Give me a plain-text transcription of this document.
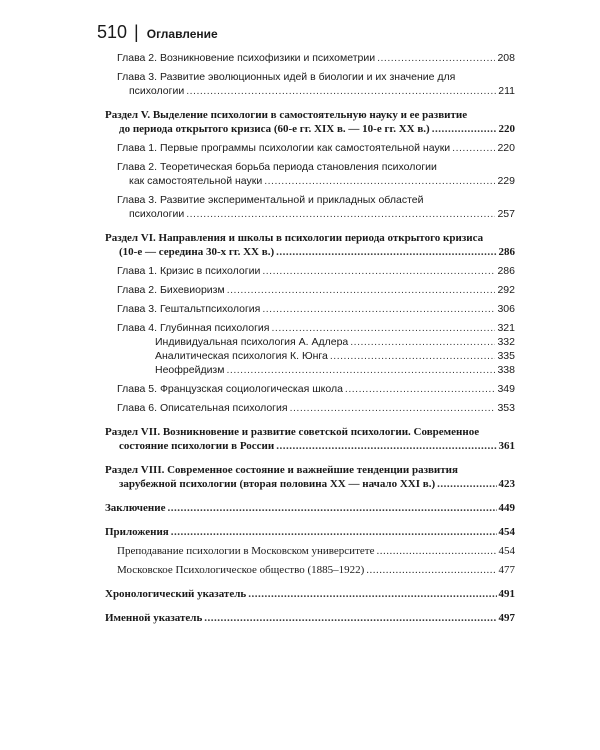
510 | Оглавление
Глава 2. Возникновение психофизики и психометрии .....	208
Глава 3. Развитие эволюционных идей в биологии и их значение для
психологии .....	211
Раздел V. Выделение психологии в самостоятельную науку и ее развитие
до периода открытого кризиса (60-е гг. XIX в. — 10-е гг. XX в.) .....	220
Глава 1. Первые программы психологии как самостоятельной науки .....	220
Глава 2. Теоретическая борьба периода становления психологии
как самостоятельной науки .....	229
Глава 3. Развитие экспериментальной и прикладных областей
психологии .....	257
Раздел VI. Направления и школы в психологии периода открытого кризиса
(10-е — середина 30-х гг. XX в.) .....	286
Глава 1. Кризис в психологии .....	286
Глава 2. Бихевиоризм .....	292
Глава 3. Гештальтпсихология .....	306
Глава 4. Глубинная психология .....	321
Индивидуальная психология А. Адлера .....	332
Аналитическая психология К. Юнга .....	335
Неофрейдизм .....	338
Глава 5. Французская социологическая школа .....	349
Глава 6. Описательная психология .....	353
Раздел VII. Возникновение и развитие советской психологии. Современное
состояние психологии в России .....	361
Раздел VIII. Современное состояние и важнейшие тенденции развития
зарубежной психологии (вторая половина XX — начало XXI в.) .....	423
Заключение .....	449
Приложения .....	454
Преподавание психологии в Московском университете .....	454
Московское Психологическое общество (1885–1922) .....	477
Хронологический указатель .....	491
Именной указатель .....	497
